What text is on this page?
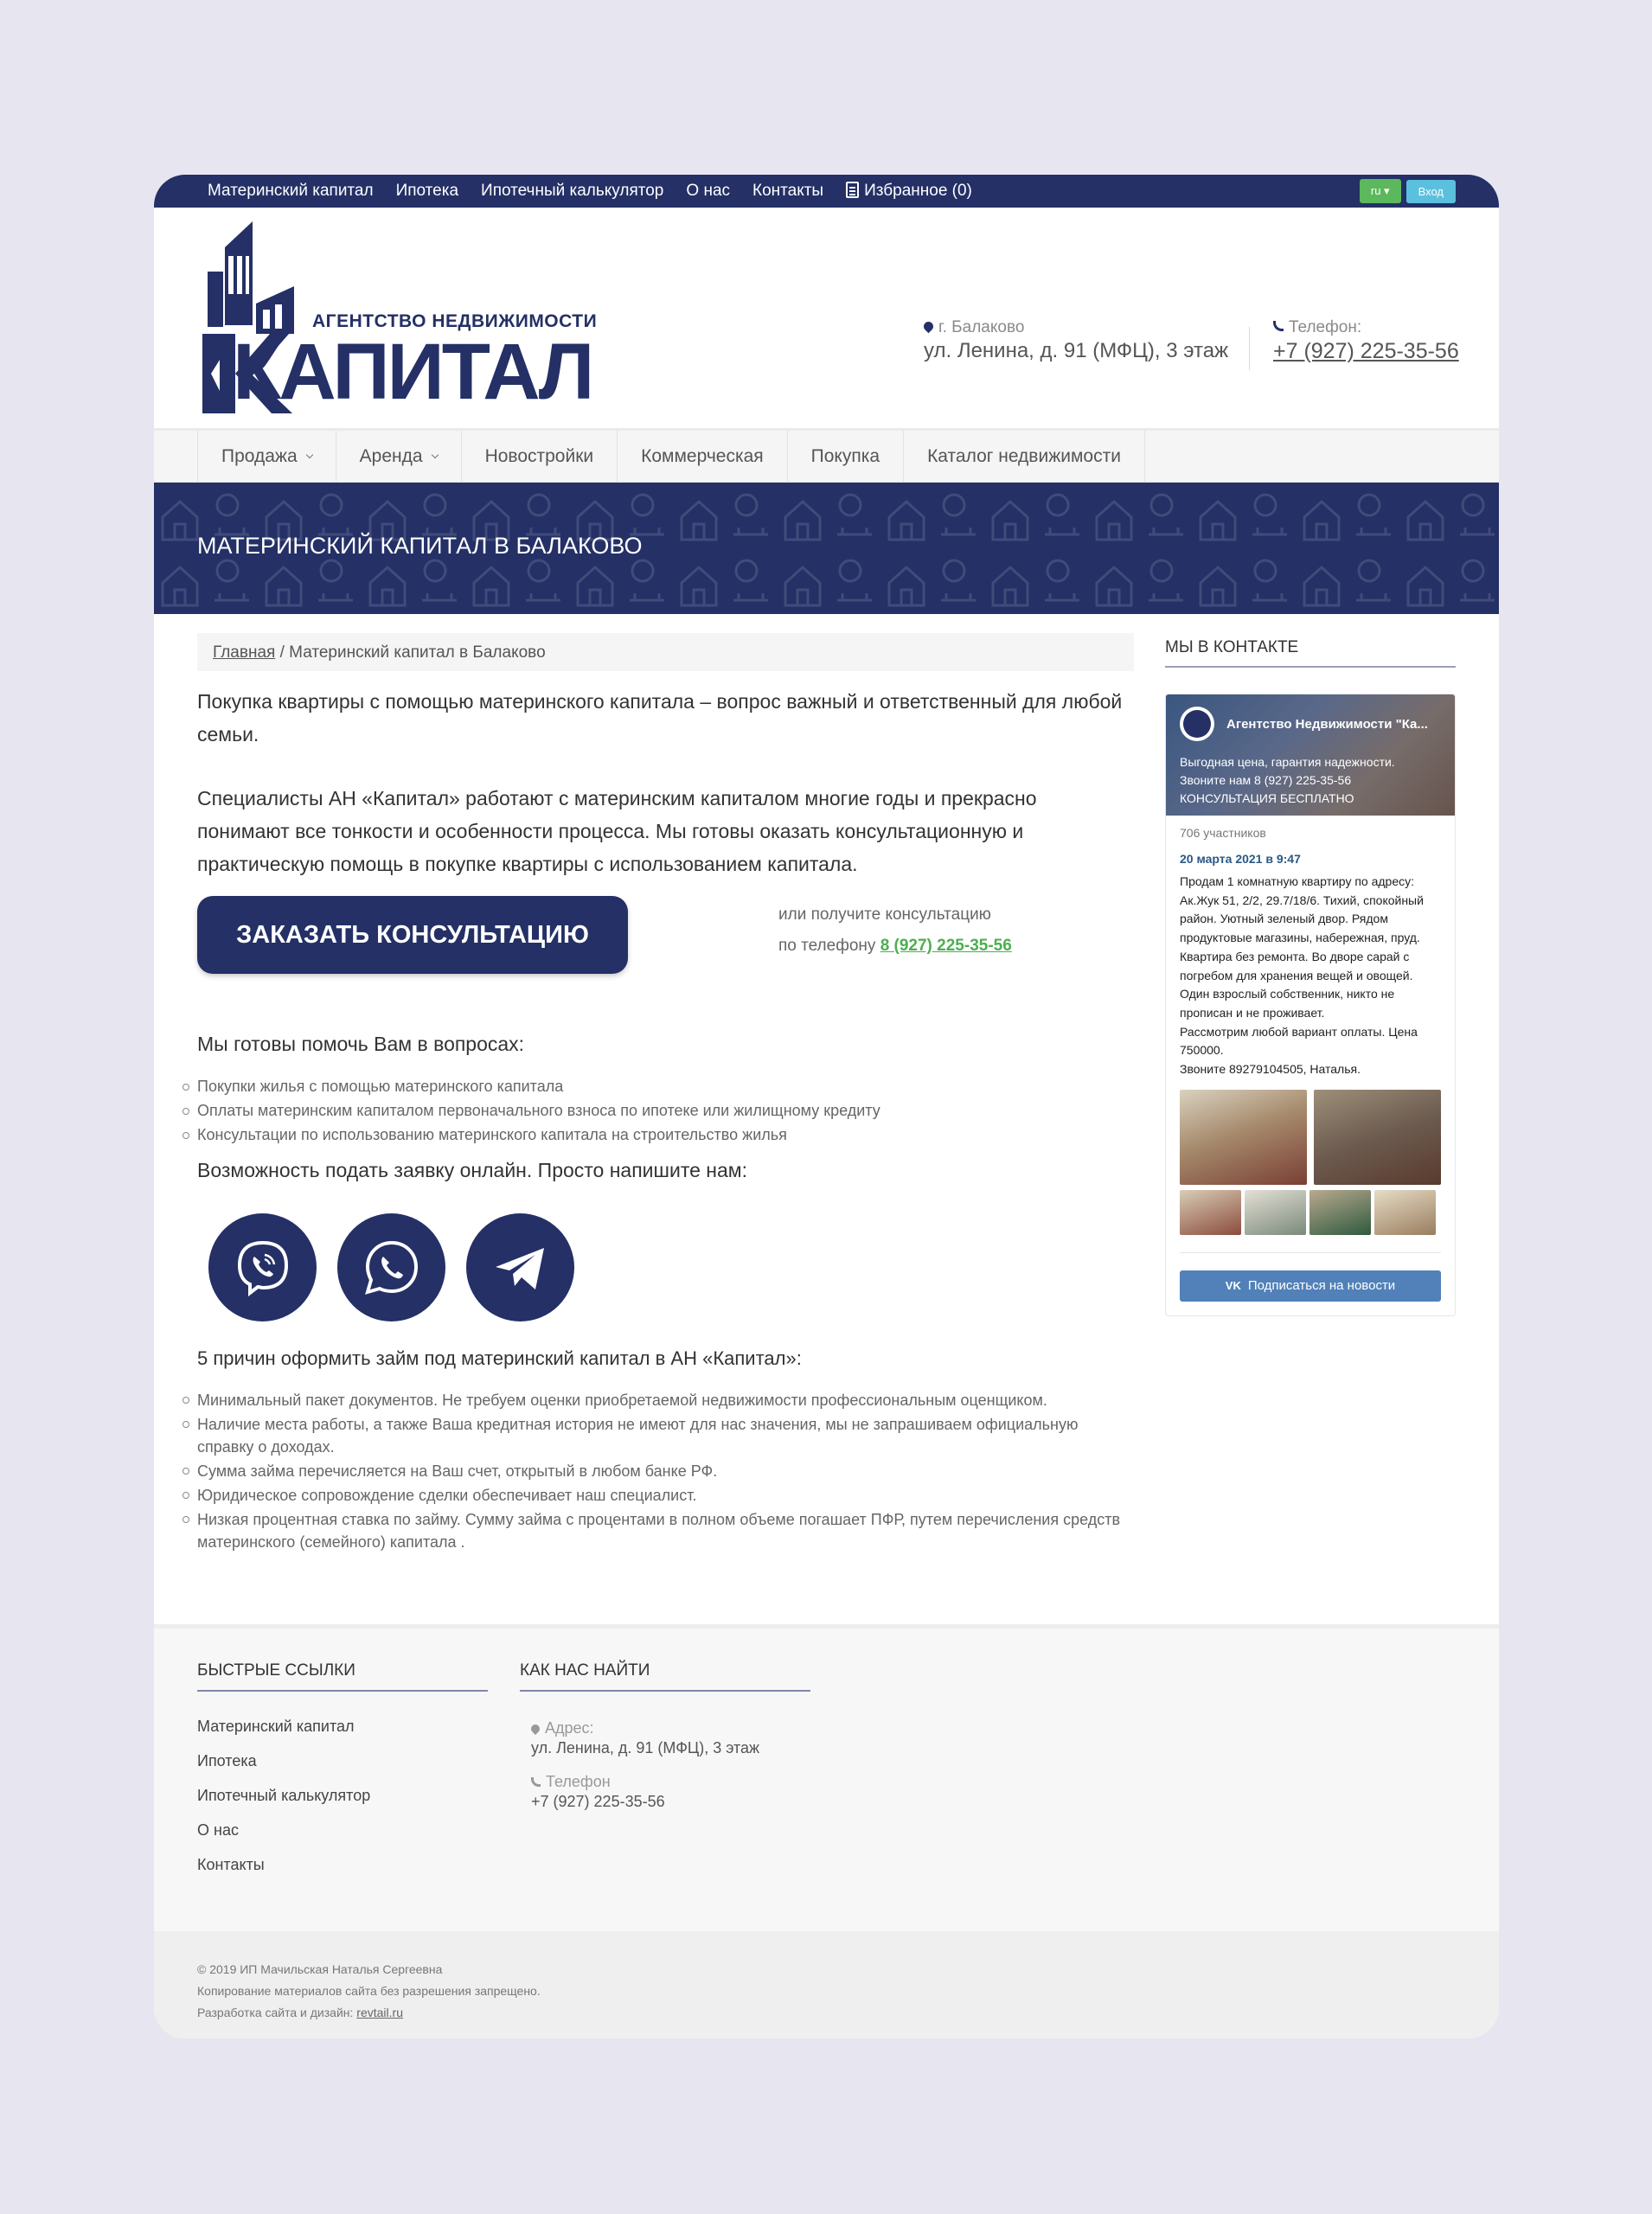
Материнский капитал Ипотека Ипотечный калькулятор О нас Контакты	Избранное (0)	ru ▾	Вход
АГЕНТСТВО НЕДВИЖИМОСТИ
КАПИТАЛ
г. Балаково
ул. Ленина, д. 91 (МФЦ), 3 этаж
Телефон:
+7 (927) 225-35-56
Продажа	Аренда	Новостройки	Коммерческая	Покупка	Каталог недвижимости
МАТЕРИНСКИЙ КАПИТАЛ В БАЛАКОВО
Главная / Материнский капитал в Балаково

Покупка квартиры с помощью материнского капитала – вопрос важный и ответственный для любой семьи.

Специалисты АН «Капитал» работают с материнским капиталом многие годы и прекрасно понимают все тонкости и особенности процесса. Мы готовы оказать консультационную и практическую помощь в покупке квартиры с использованием капитала.

ЗАКАЗАТЬ КОНСУЛЬТАЦИЮ
или получите консультацию
по телефону 8 (927) 225-35-56
Мы готовы помочь Вам в вопросах:
Покупки жилья с помощью материнского капитала
Оплаты материнским капиталом первоначального взноса по ипотеке или жилищному кредиту
Консультации по использованию материнского капитала на строительство жилья
Возможность подать заявку онлайн. Просто напишите нам:
5 причин оформить займ под материнский капитал в АН «Капитал»:
Минимальный пакет документов. Не требуем оценки приобретаемой недвижимости профессиональным оценщиком.
Наличие места работы, а также Ваша кредитная история не имеют для нас значения, мы не запрашиваем официальную справку о доходах.
Сумма займа перечисляется на Ваш счет, открытый в любом банке РФ.
Юридическое сопровождение сделки обеспечивает наш специалист.
Низкая процентная ставка по займу. Сумму займа с процентами в полном объеме погашает ПФР, путем перечисления средств материнского (семейного) капитала .
МЫ В КОНТАКТЕ
Агентство Недвижимости "Ка...
Выгодная цена, гарантия надежности.
Звоните нам 8 (927) 225-35-56
КОНСУЛЬТАЦИЯ БЕСПЛАТНО
706 участников
20 марта 2021 в 9:47
Продам 1 комнатную квартиру по адресу: Ак.Жук 51, 2/2, 29.7/18/6. Тихий, спокойный район. Уютный зеленый двор. Рядом продуктовые магазины, набережная, пруд.
Квартира без ремонта. Во дворе сарай с погребом для хранения вещей и овощей. Один взрослый собственник, никто не прописан и не проживает.
Рассмотрим любой вариант оплаты. Цена 750000.
Звоните 89279104505, Наталья.
VK Подписаться на новости
БЫСТРЫЕ ССЫЛКИ
Материнский капитал
Ипотека
Ипотечный калькулятор
О нас
Контакты
КАК НАС НАЙТИ
Адрес:
ул. Ленина, д. 91 (МФЦ), 3 этаж
Телефон
+7 (927) 225-35-56
© 2019 ИП Мачильская Наталья Сергеевна
Копирование материалов сайта без разрешения запрещено.
Разработка сайта и дизайн: revtail.ru
